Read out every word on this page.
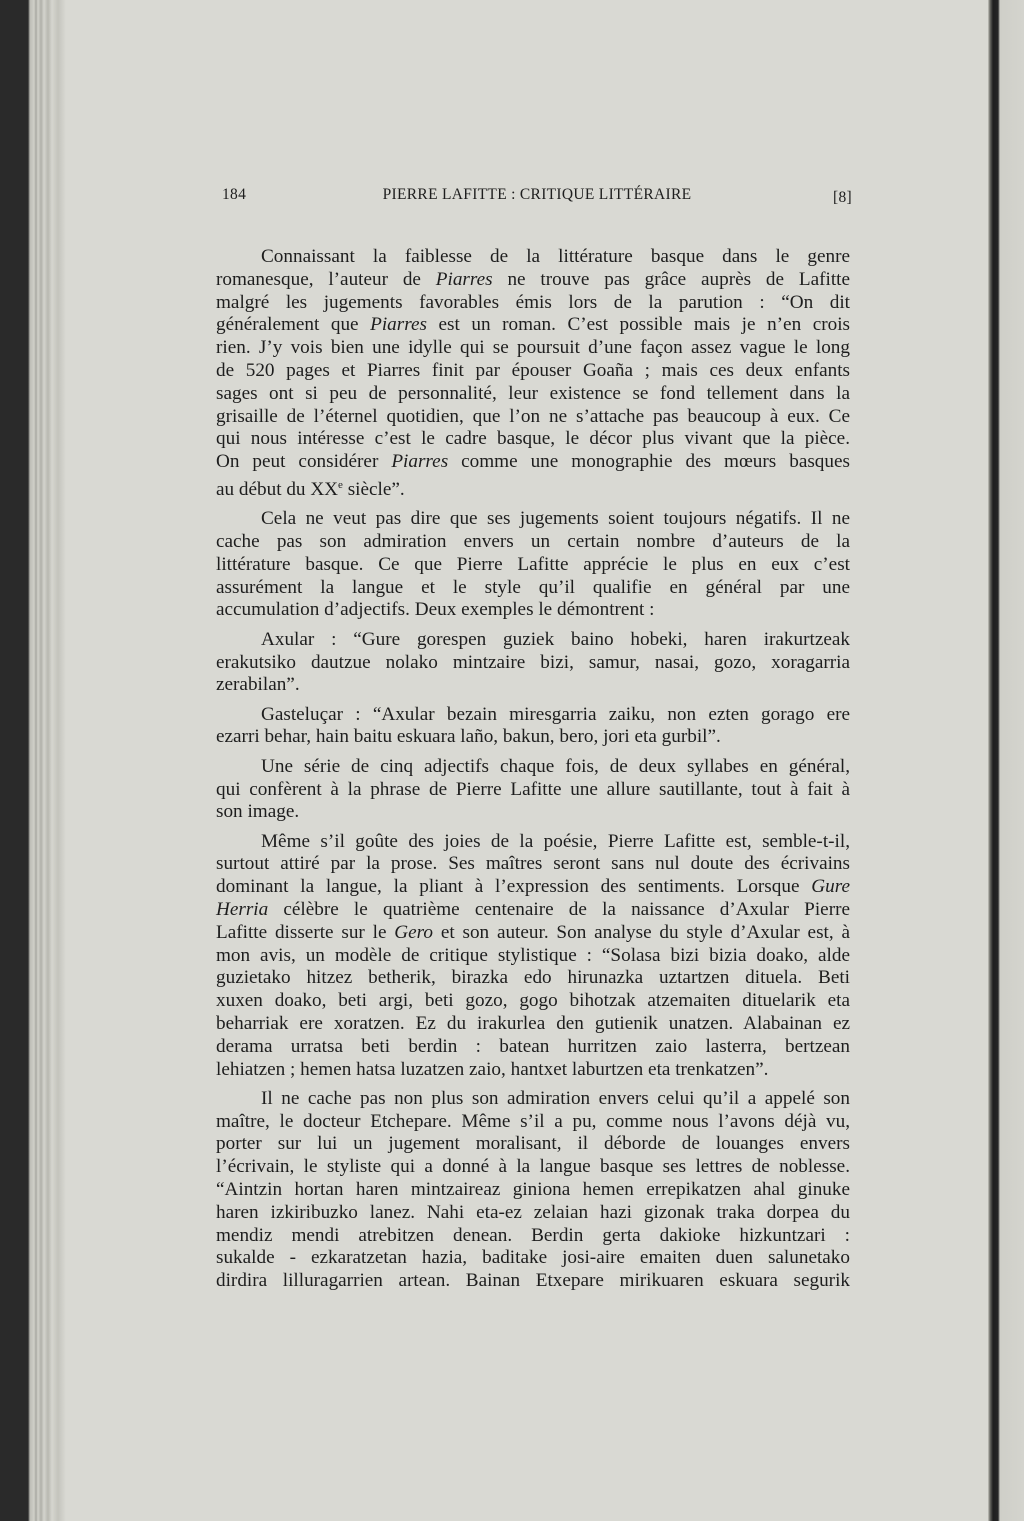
184	PIERRE LAFITTE : CRITIQUE LITTÉRAIRE	[8]
Connaissant la faiblesse de la littérature basque dans le genre
romanesque, l’auteur de Piarres ne trouve pas grâce auprès de Lafitte
malgré les jugements favorables émis lors de la parution : “On dit
généralement que Piarres est un roman. C’est possible mais je n’en crois
rien. J’y vois bien une idylle qui se poursuit d’une façon assez vague le long
de 520 pages et Piarres finit par épouser Goaña ; mais ces deux enfants
sages ont si peu de personnalité, leur existence se fond tellement dans la
grisaille de l’éternel quotidien, que l’on ne s’attache pas beaucoup à eux. Ce
qui nous intéresse c’est le cadre basque, le décor plus vivant que la pièce.
On peut considérer Piarres comme une monographie des mœurs basques
au début du XXe siècle”.
Cela ne veut pas dire que ses jugements soient toujours négatifs. Il ne
cache pas son admiration envers un certain nombre d’auteurs de la
littérature basque. Ce que Pierre Lafitte apprécie le plus en eux c’est
assurément la langue et le style qu’il qualifie en général par une
accumulation d’adjectifs. Deux exemples le démontrent :
Axular : “Gure gorespen guziek baino hobeki, haren irakurtzeak
erakutsiko dautzue nolako mintzaire bizi, samur, nasai, gozo, xoragarria
zerabilan”.
Gasteluçar : “Axular bezain miresgarria zaiku, non ezten gorago ere
ezarri behar, hain baitu eskuara laño, bakun, bero, jori eta gurbil”.
Une série de cinq adjectifs chaque fois, de deux syllabes en général,
qui confèrent à la phrase de Pierre Lafitte une allure sautillante, tout à fait à
son image.
Même s’il goûte des joies de la poésie, Pierre Lafitte est, semble-t-il,
surtout attiré par la prose. Ses maîtres seront sans nul doute des écrivains
dominant la langue, la pliant à l’expression des sentiments. Lorsque Gure
Herria célèbre le quatrième centenaire de la naissance d’Axular Pierre
Lafitte disserte sur le Gero et son auteur. Son analyse du style d’Axular est, à
mon avis, un modèle de critique stylistique : “Solasa bizi bizia doako, alde
guzietako hitzez betherik, birazka edo hirunazka uztartzen dituela. Beti
xuxen doako, beti argi, beti gozo, gogo bihotzak atzemaiten dituelarik eta
beharriak ere xoratzen. Ez du irakurlea den gutienik unatzen. Alabainan ez
derama urratsa beti berdin : batean hurritzen zaio lasterra, bertzean
lehiatzen ; hemen hatsa luzatzen zaio, hantxet laburtzen eta trenkatzen”.
Il ne cache pas non plus son admiration envers celui qu’il a appelé son
maître, le docteur Etchepare. Même s’il a pu, comme nous l’avons déjà vu,
porter sur lui un jugement moralisant, il déborde de louanges envers
l’écrivain, le styliste qui a donné à la langue basque ses lettres de noblesse.
“Aintzin hortan haren mintzaireaz giniona hemen errepikatzen ahal ginuke
haren izkiribuzko lanez. Nahi eta-ez zelaian hazi gizonak traka dorpea du
mendiz mendi atrebitzen denean. Berdin gerta dakioke hizkuntzari :
sukalde - ezkaratzetan hazia, baditake josi-aire emaiten duen salunetako
dirdira lilluragarrien artean. Bainan Etxepare mirikuaren eskuara segurik
